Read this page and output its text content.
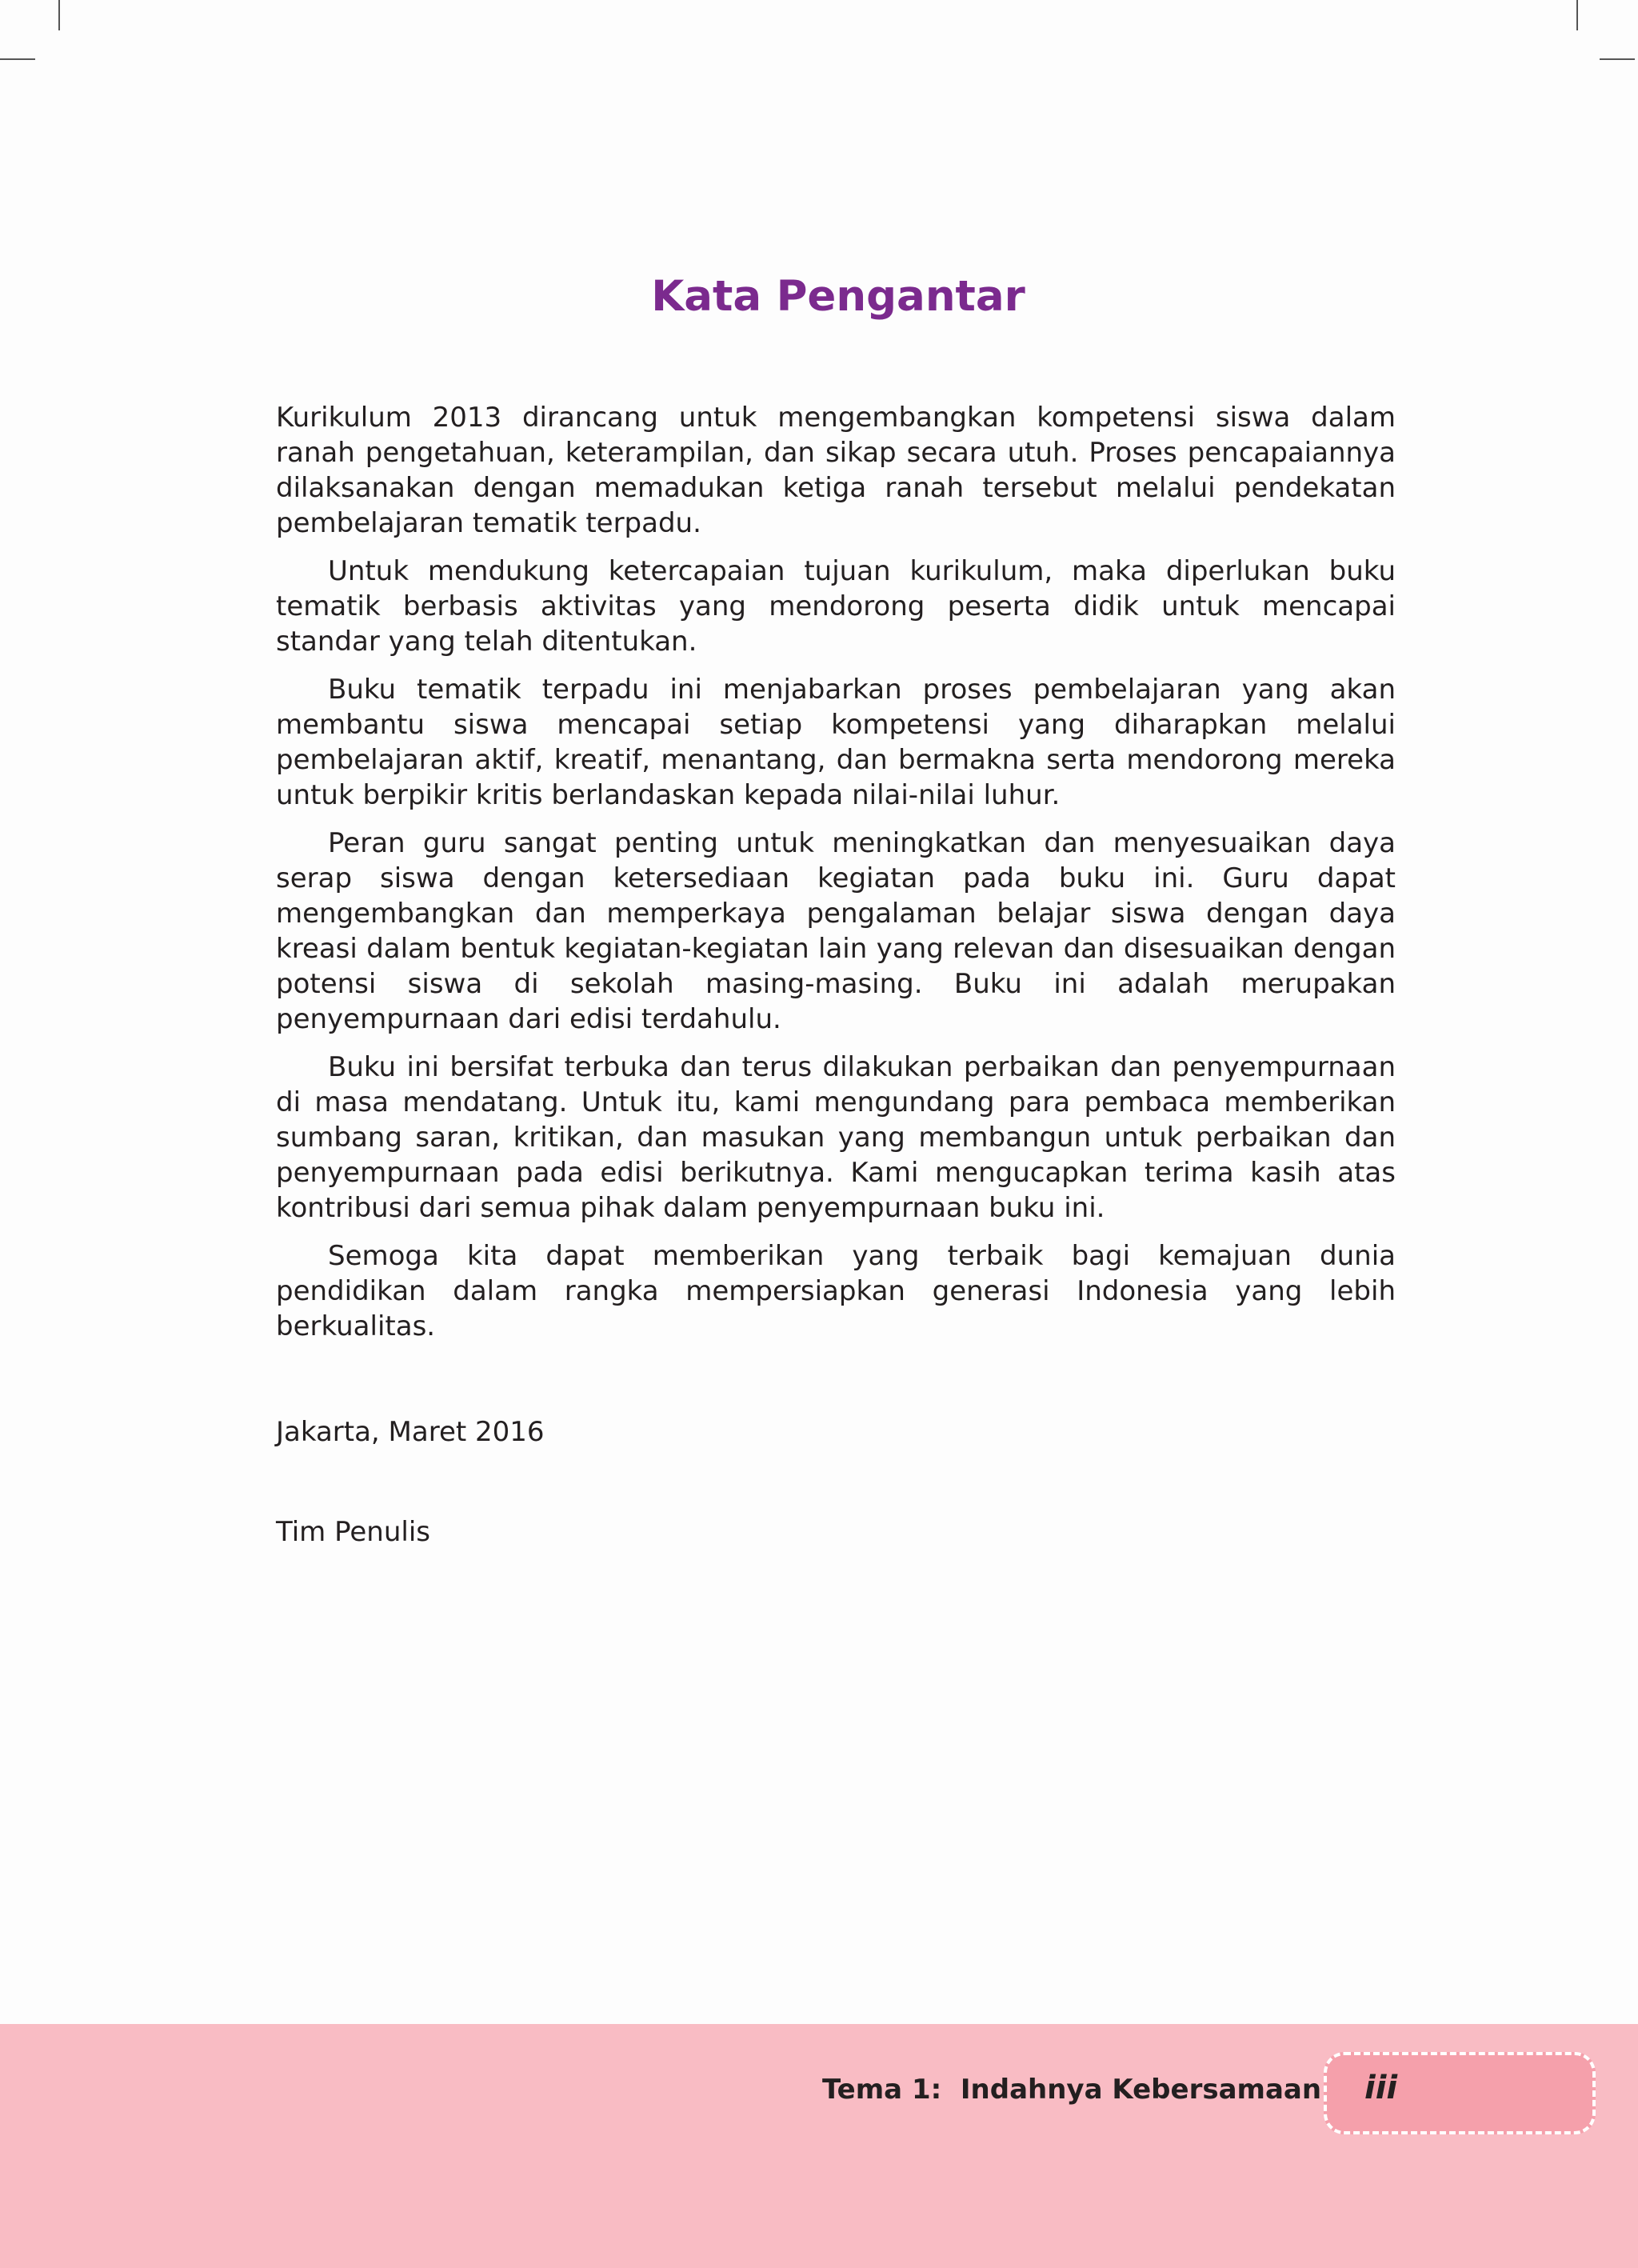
Kata Pengantar

Kurikulum 2013 dirancang untuk mengembangkan kompetensi siswa dalam ranah pengetahuan, keterampilan, dan sikap secara utuh. Proses pencapaiannya dilaksanakan dengan memadukan ketiga ranah tersebut melalui pendekatan pembelajaran tematik terpadu.

Untuk mendukung ketercapaian tujuan kurikulum, maka diperlukan buku tematik berbasis aktivitas yang mendorong peserta didik untuk mencapai standar yang telah ditentukan.

Buku tematik terpadu ini menjabarkan proses pembelajaran yang akan membantu siswa mencapai setiap kompetensi yang diharapkan melalui pembelajaran aktif, kreatif, menantang, dan bermakna serta mendorong mereka untuk berpikir kritis berlandaskan kepada nilai-nilai luhur.

Peran guru sangat penting untuk meningkatkan dan menyesuaikan daya serap siswa dengan ketersediaan kegiatan pada buku ini. Guru dapat mengembangkan dan memperkaya pengalaman belajar siswa dengan daya kreasi dalam bentuk kegiatan-kegiatan lain yang relevan dan disesuaikan dengan potensi siswa di sekolah masing-masing. Buku ini adalah merupakan penyempurnaan dari edisi terdahulu.

Buku ini bersifat terbuka dan terus dilakukan perbaikan dan penyempurnaan di masa mendatang. Untuk itu, kami mengundang para pembaca memberikan sumbang saran, kritikan, dan masukan yang membangun untuk perbaikan dan penyempurnaan pada edisi berikutnya. Kami mengucapkan terima kasih atas kontribusi dari semua pihak dalam penyempurnaan buku ini.

Semoga kita dapat memberikan yang terbaik bagi kemajuan dunia pendidikan dalam rangka mempersiapkan generasi Indonesia yang lebih berkualitas.

Jakarta, Maret 2016

Tim Penulis

Tema 1:  Indahnya Kebersamaan iii
